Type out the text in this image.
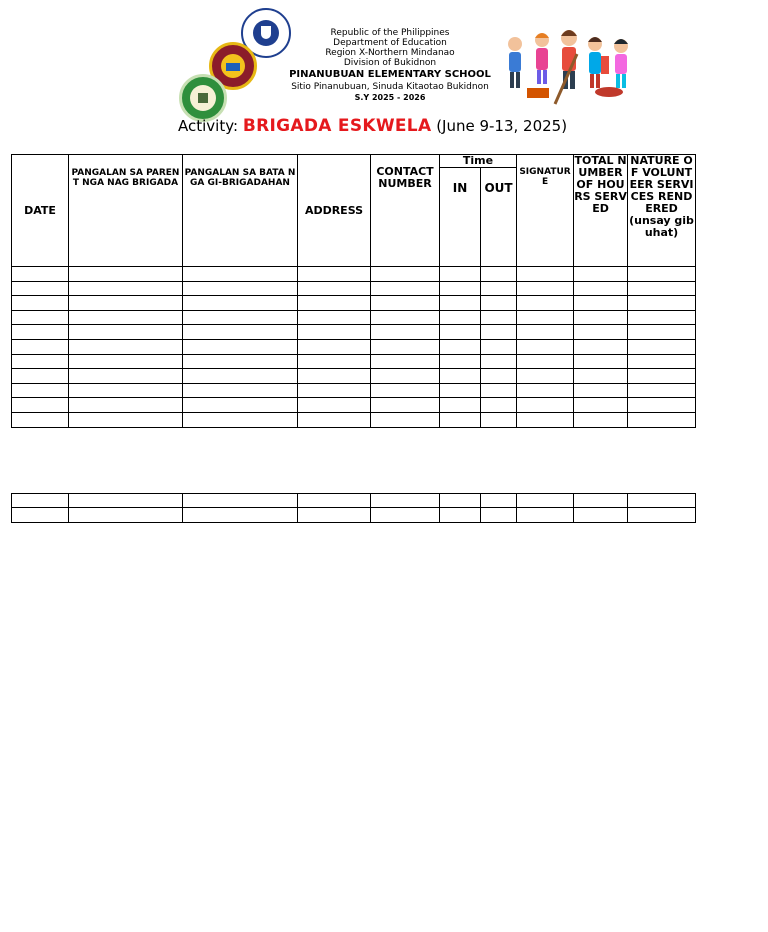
Republic of the Philippines
Department of Education
Region X-Northern Mindanao
Division of Bukidnon
PINANUBUAN ELEMENTARY SCHOOL
Sitio Pinanubuan, Sinuda Kitaotao Bukidnon
S.Y 2025 - 2026
Activity: BRIGADA ESKWELA (June 9-13, 2025)
DATE	PANGALAN SA PARENT NGA NAG BRIGADA	PANGALAN SA BATA NGA GI-BRIGADAHAN	ADDRESS	CONTACT NUMBER	Time		SIGNATURE	TOTAL NUMBER OF HOURS SERVED	NATURE OF VOLUNTEER SERVICES RENDERED
(unsay gibuhat)

					IN	OUT			
